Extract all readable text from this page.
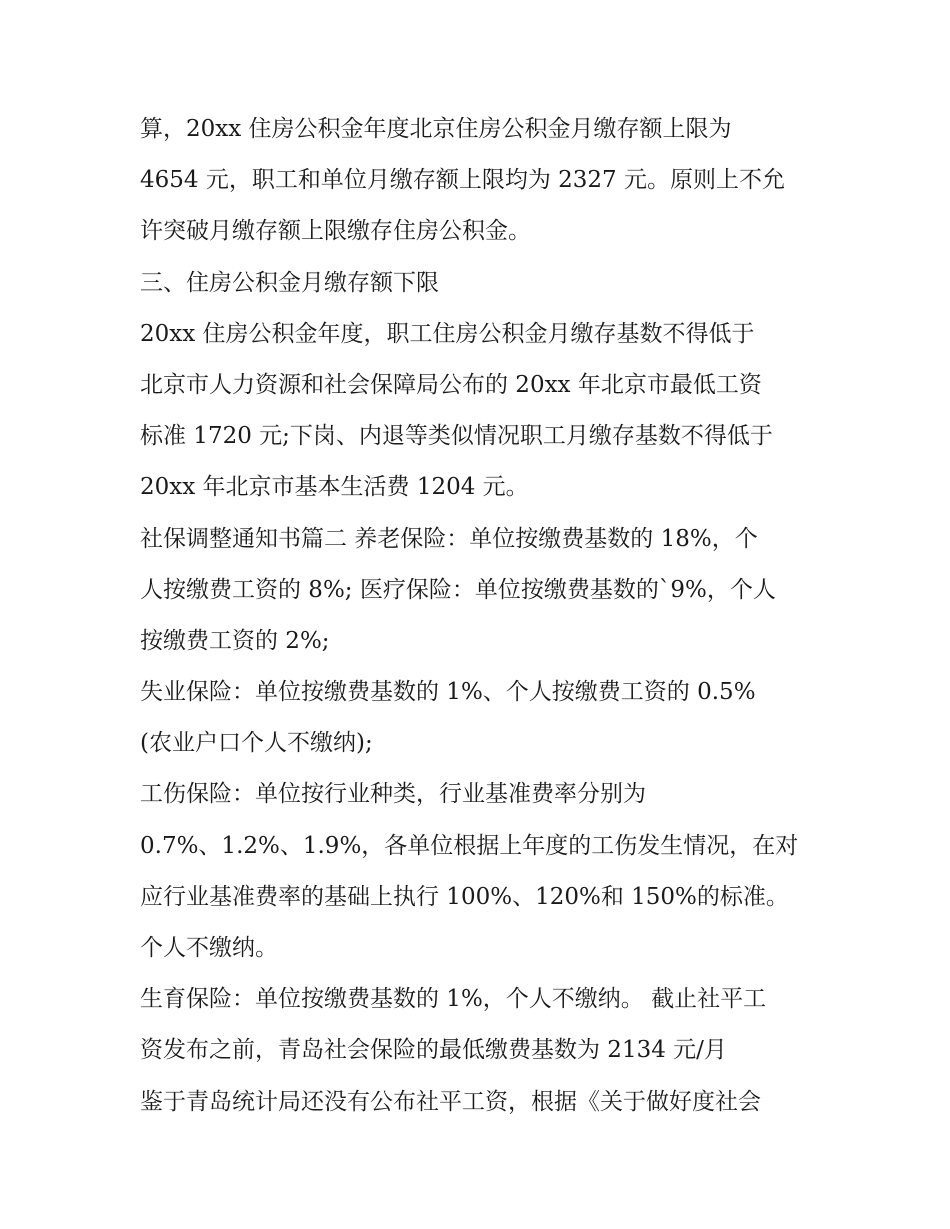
算，20xx 住房公积金年度北京住房公积金月缴存额上限为
4654 元，职工和单位月缴存额上限均为 2327 元。原则上不允
许突破月缴存额上限缴存住房公积金。
三、住房公积金月缴存额下限
20xx 住房公积金年度，职工住房公积金月缴存基数不得低于
北京市人力资源和社会保障局公布的 20xx 年北京市最低工资
标准 1720 元;下岗、内退等类似情况职工月缴存基数不得低于
20xx 年北京市基本生活费 1204 元。
社保调整通知书篇二 养老保险：单位按缴费基数的 18%，个
人按缴费工资的 8%; 医疗保险：单位按缴费基数的`9%，个人
按缴费工资的 2%;
失业保险：单位按缴费基数的 1%、个人按缴费工资的 0.5%
(农业户口个人不缴纳);
工伤保险：单位按行业种类，行业基准费率分别为
0.7%、1.2%、1.9%，各单位根据上年度的工伤发生情况，在对
应行业基准费率的基础上执行 100%、120%和 150%的标准。
个人不缴纳。
生育保险：单位按缴费基数的 1%，个人不缴纳。 截止社平工
资发布之前，青岛社会保险的最低缴费基数为 2134 元/月
鉴于青岛统计局还没有公布社平工资，根据《关于做好度社会
